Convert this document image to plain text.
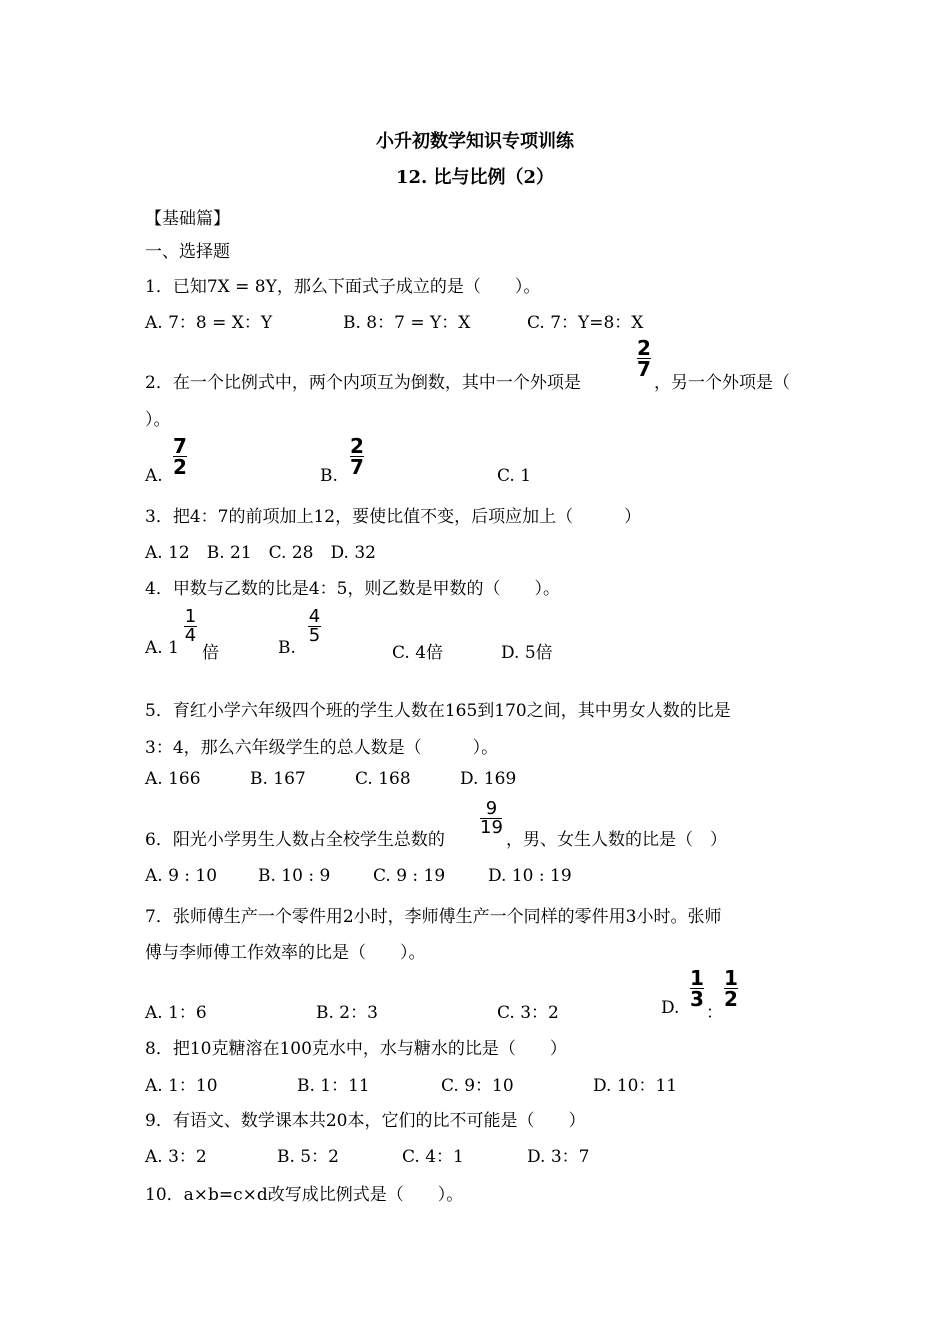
小升初数学知识专项训练
12. 比与比例（2）
【基础篇】
一、选择题
1．已知7X = 8Y，那么下面式子成立的是（　　）。
A. 7：8 = X：Y	B. 8：7 = Y：X	C. 7：Y=8：X
2．在一个比例式中，两个内项互为倒数，其中一个外项是
2
7
，另一个外项是（
）。
A.
7
2	B.
2
7	C. 1
3．把4：7的前项加上12，要使比值不变，后项应加上（　　　）
A. 12　B. 21　C. 28　D. 32
4．甲数与乙数的比是4：5，则乙数是甲数的（　　）。
A. 1
1
4
倍	B.
4
5
C. 4倍	D. 5倍
5．育红小学六年级四个班的学生人数在165到170之间，其中男女人数的比是
3：4，那么六年级学生的总人数是（　　　）。
A. 166	B. 167	C. 168	D. 169
6．阳光小学男生人数占全校学生总数的
9
19
，男、女生人数的比是（　）
A. 9 : 10 B. 10 : 9	C. 9 : 19	D. 10 : 19
7．张师傅生产一个零件用2小时，李师傅生产一个同样的零件用3小时。张师
傅与李师傅工作效率的比是（　　）。
A. 1：6	B. 2：3	C. 3：2	D.
1
3
：
1
2
8．把10克糖溶在100克水中，水与糖水的比是（　　）
A. 1：10	B. 1：11	C. 9：10	D. 10：11
9．有语文、数学课本共20本，它们的比不可能是（　　）
A. 3：2	B. 5：2	C. 4：1	D. 3：7
10．a×b=c×d改写成比例式是（　　）。
